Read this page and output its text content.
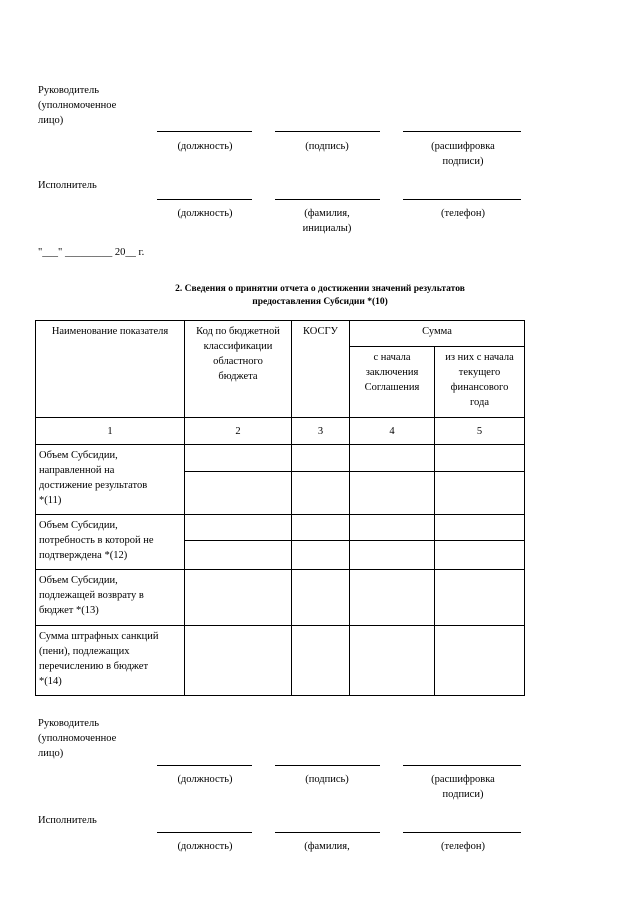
Руководитель
(уполномоченное
лицо)
(должность)	(подпись)	(расшифровка
подписи)
Исполнитель
(должность)	(фамилия,
инициалы)
(телефон)
"___" _________ 20__ г.
2. Сведения о принятии отчета о достижении значений результатов
предоставления Субсидии *(10)
Наименование показателя	Код по бюджетной
классификации
областного
бюджета	КОСГУ	Сумма	
			с начала
заключения
Соглашения	из них с начала
текущего
финансового
года
1	2	3	4	5
Объем Субсидии,
направленной на
достижение результатов
*(11)				

Объем Субсидии,
потребность в которой не
подтверждена *(12)				

Объем Субсидии,
подлежащей возврату в
бюджет *(13)				
Сумма штрафных санкций
(пени), подлежащих
перечислению в бюджет
*(14)				
Руководитель
(уполномоченное
лицо)
(должность)	(подпись)	(расшифровка
подписи)
Исполнитель
(должность)	(фамилия,	(телефон)
